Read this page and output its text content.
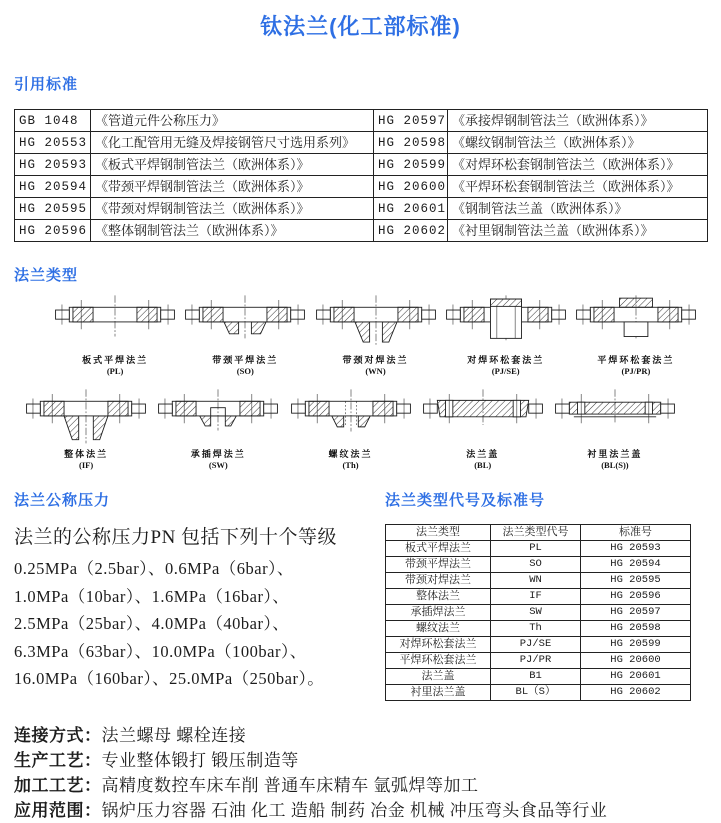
钛法兰(化工部标准)
引用标准
GB 1048	《管道元件公称压力》	HG 20597	《承接焊钢制管法兰（欧洲体系）》
HG 20553	《化工配管用无缝及焊接钢管尺寸选用系列》	HG 20598	《螺纹钢制管法兰（欧洲体系）》
HG 20593	《板式平焊钢制管法兰（欧洲体系）》	HG 20599	《对焊环松套钢制管法兰（欧洲体系）》
HG 20594	《带颈平焊钢制管法兰（欧洲体系）》	HG 20600	《平焊环松套钢制管法兰（欧洲体系）》
HG 20595	《带颈对焊钢制管法兰（欧洲体系）》	HG 20601	《钢制管法兰盖（欧洲体系）》
HG 20596	《整体钢制管法兰（欧洲体系）》	HG 20602	《衬里钢制管法兰盖（欧洲体系）》
法兰类型
板式平焊法兰
(PL)
带颈平焊法兰
(SO)
带颈对焊法兰
(WN)
对焊环松套法兰
(PJ/SE)
平焊环松套法兰
(PJ/PR)
整体法兰
(IF)
承插焊法兰
(SW)
螺纹法兰
(Th)
法兰盖
(BL)
衬里法兰盖
(BL(S))
法兰公称压力

法兰的公称压力PN 包括下列十个等级

0.25MPa（2.5bar）、0.6MPa（6bar）、
1.0MPa（10bar）、1.6MPa（16bar）、
2.5MPa（25bar）、4.0MPa（40bar）、
6.3MPa（63bar）、10.0MPa（100bar）、
16.0MPa（160bar）、25.0MPa（250bar）。
法兰类型代号及标准号
法兰类型	法兰类型代号	标准号
板式平焊法兰	PL	HG 20593
带颈平焊法兰	SO	HG 20594
带颈对焊法兰	WN	HG 20595
整体法兰	IF	HG 20596
承插焊法兰	SW	HG 20597
螺纹法兰	Th	HG 20598
对焊环松套法兰	PJ/SE	HG 20599
平焊环松套法兰	PJ/PR	HG 20600
法兰盖	B1	HG 20601
衬里法兰盖	BL（S）	HG 20602
连接方式：法兰螺母 螺栓连接
生产工艺：专业整体锻打 锻压制造等
加工工艺：高精度数控车床车削 普通车床精车 氩弧焊等加工
应用范围：锅炉压力容器 石油 化工 造船 制药 冶金 机械 冲压弯头食品等行业
